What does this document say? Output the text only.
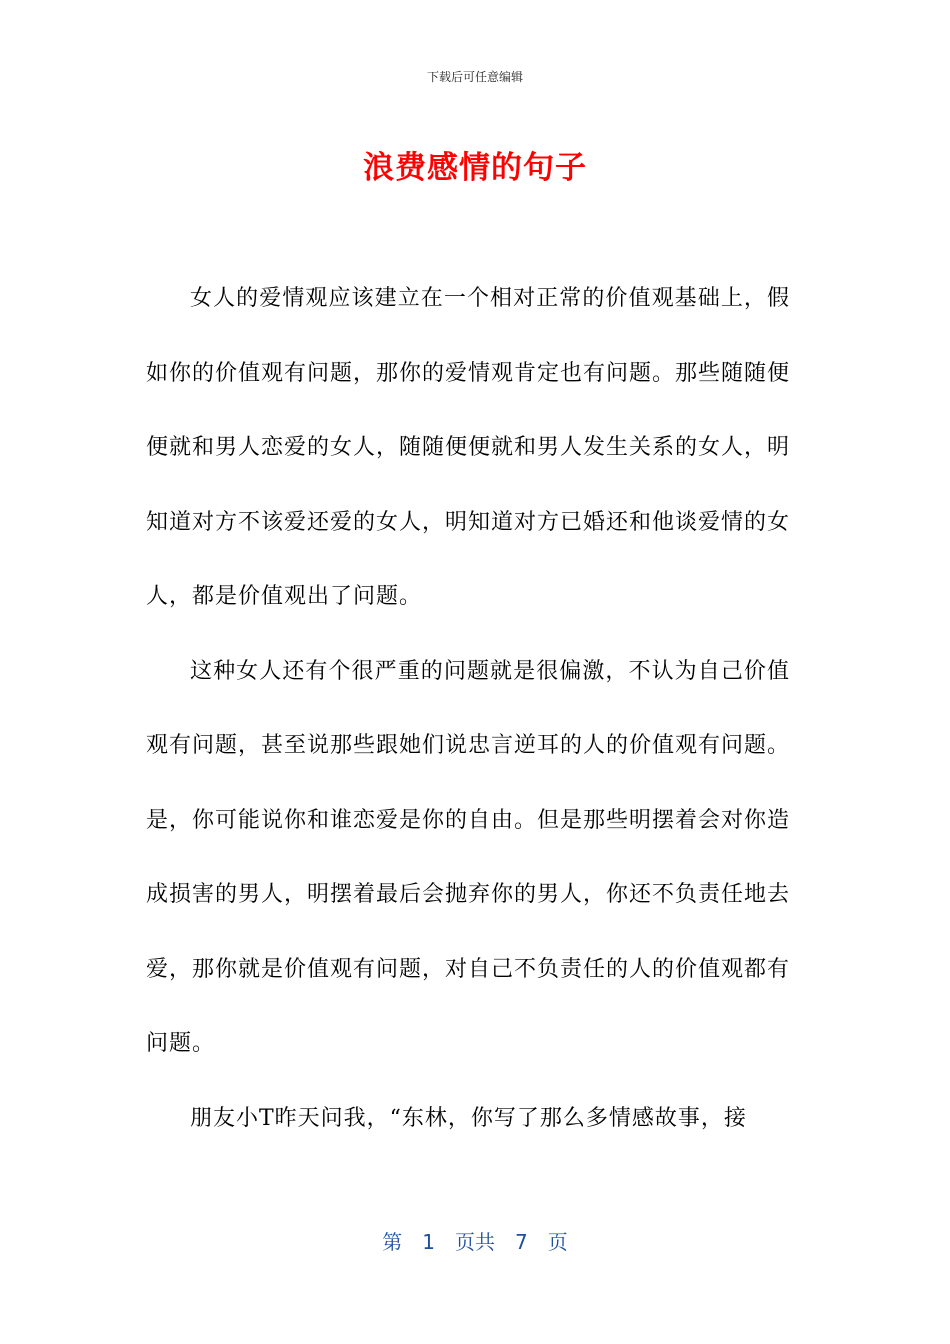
下载后可任意编辑
浪费感情的句子

女人的爱情观应该建立在一个相对正常的价值观基础上，假如你的价值观有问题，那你的爱情观肯定也有问题。那些随随便便就和男人恋爱的女人，随随便便就和男人发生关系的女人，明知道对方不该爱还爱的女人，明知道对方已婚还和他谈爱情的女人，都是价值观出了问题。

这种女人还有个很严重的问题就是很偏激，不认为自己价值观有问题，甚至说那些跟她们说忠言逆耳的人的价值观有问题。是，你可能说你和谁恋爱是你的自由。但是那些明摆着会对你造成损害的男人，明摆着最后会抛弃你的男人，你还不负责任地去爱，那你就是价值观有问题，对自己不负责任的人的价值观都有问题。

朋友小T昨天问我，“东林，你写了那么多情感故事，接

第 1 页共 7 页
